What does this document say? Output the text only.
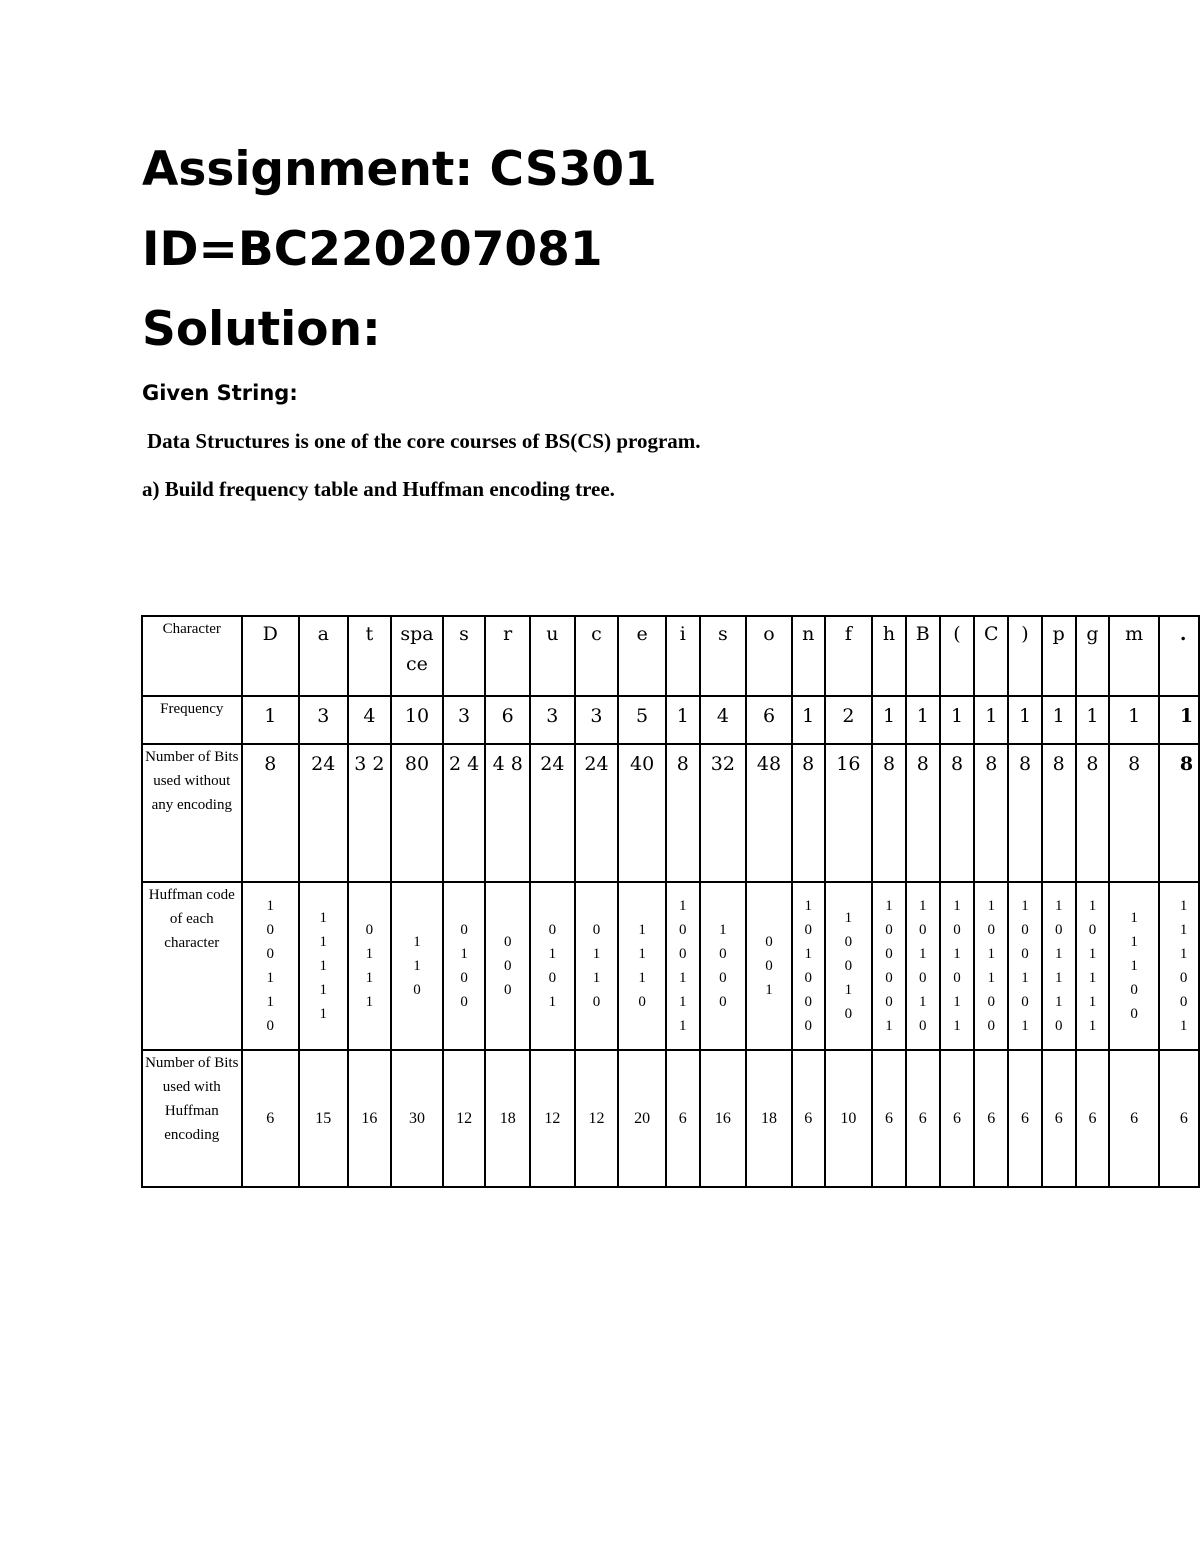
Assignment: CS301
ID=BC220207081
Solution:

Given String:

Data Structures is one of the core courses of BS(CS) program.

a) Build frequency table and Huffman encoding tree.

Character	D	a	t	spa ce	s	r	u	c	e	i	s	o	n	f	h	B	(	C	)	p	g	m	.
Frequency	1	3	4	10	3	6	3	3	5	1	4	6	1	2	1	1	1	1	1	1	1	1	1
Number of Bits used without any encoding	8	24	3 2	80	2 4	4 8	24	24	40	8	32	48	8	16	8	8	8	8	8	8	8	8	8
Huffman code of each character	100110	11111	0111	110	0100	000	0101	0110	1110	100111	1000	001	101000	10010	100001	101010	101011	101100	100101	101110	101111	11100	111001
Number of Bits used with Huffman encoding	6	15	16	30	12	18	12	12	20	6	16	18	6	10	6	6	6	6	6	6	6	6	6
